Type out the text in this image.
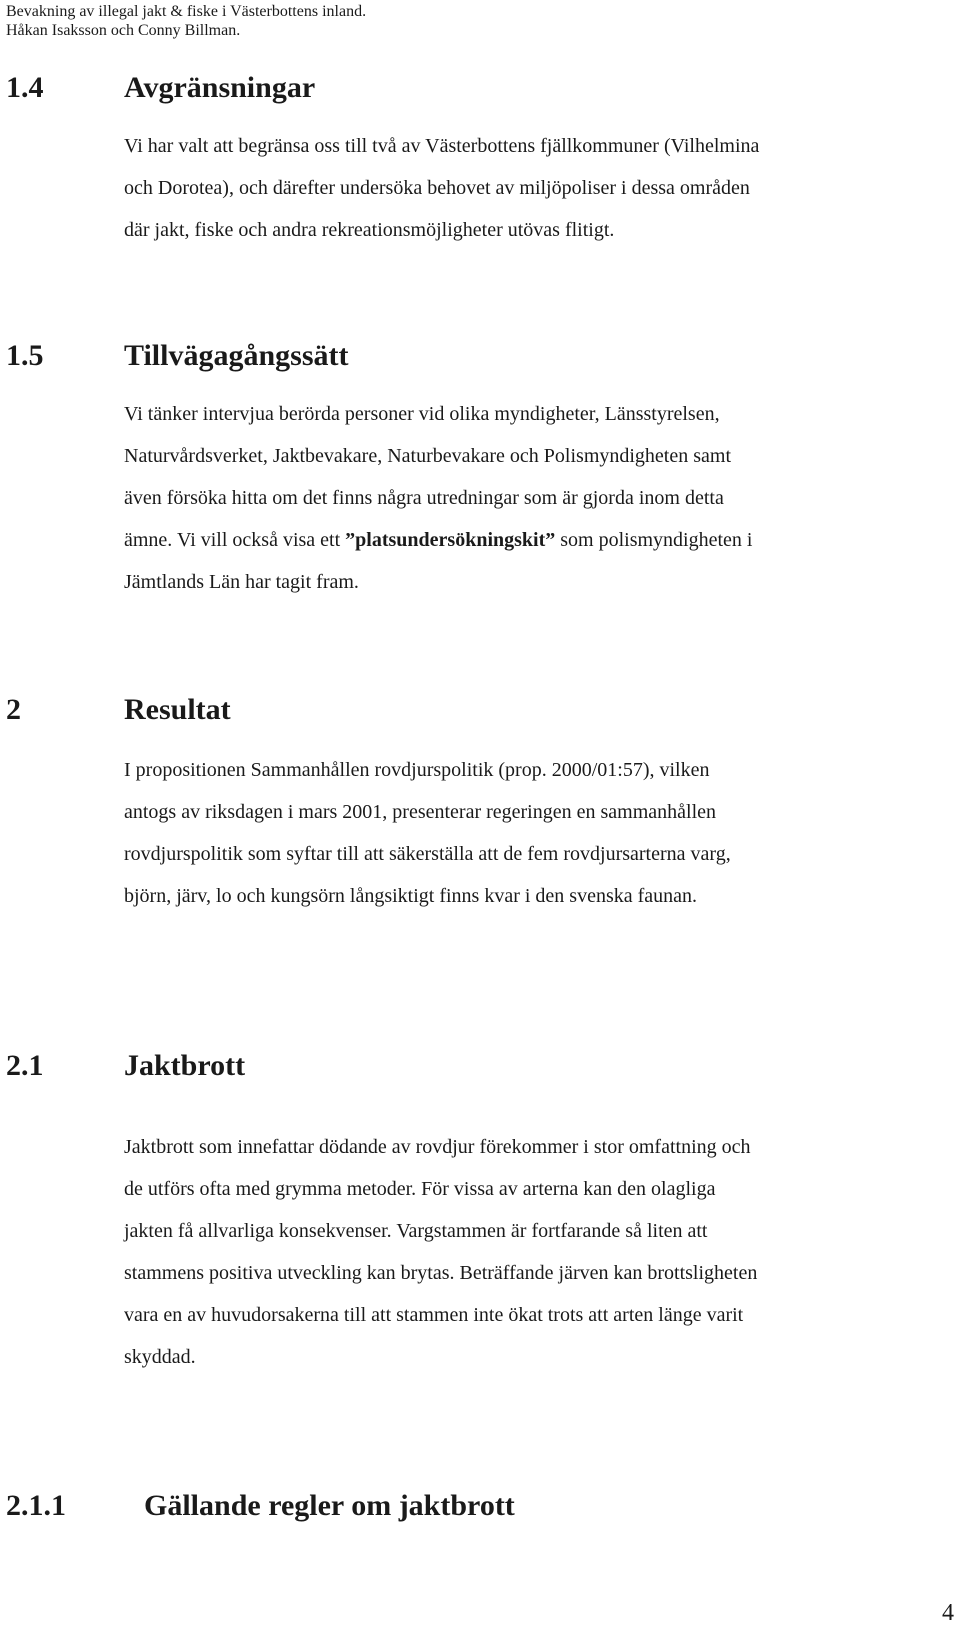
Bevakning av illegal jakt & fiske i Västerbottens inland.
Håkan Isaksson och Conny Billman.
1.4	Avgränsningar
Vi har valt att begränsa oss till två av Västerbottens fjällkommuner (Vilhelmina
och Dorotea), och därefter undersöka behovet av miljöpoliser i dessa områden
där jakt, fiske och andra rekreationsmöjligheter utövas flitigt.
1.5	Tillvägagångssätt
Vi tänker intervjua berörda personer vid olika myndigheter, Länsstyrelsen,
Naturvårdsverket, Jaktbevakare, Naturbevakare och Polismyndigheten samt
även försöka hitta om det finns några utredningar som är gjorda inom detta
ämne. Vi vill också visa ett ”platsundersökningskit” som polismyndigheten i
Jämtlands Län har tagit fram.
2	Resultat
I propositionen Sammanhållen rovdjurspolitik (prop. 2000/01:57), vilken
antogs av riksdagen i mars 2001, presenterar regeringen en sammanhållen
rovdjurspolitik som syftar till att säkerställa att de fem rovdjursarterna varg,
björn, järv, lo och kungsörn långsiktigt finns kvar i den svenska faunan.
2.1	Jaktbrott
Jaktbrott som innefattar dödande av rovdjur förekommer i stor omfattning och
de utförs ofta med grymma metoder. För vissa av arterna kan den olagliga
jakten få allvarliga konsekvenser. Vargstammen är fortfarande så liten att
stammens positiva utveckling kan brytas. Beträffande järven kan brottsligheten
vara en av huvudorsakerna till att stammen inte ökat trots att arten länge varit
skyddad.
2.1.1	Gällande regler om jaktbrott
4
